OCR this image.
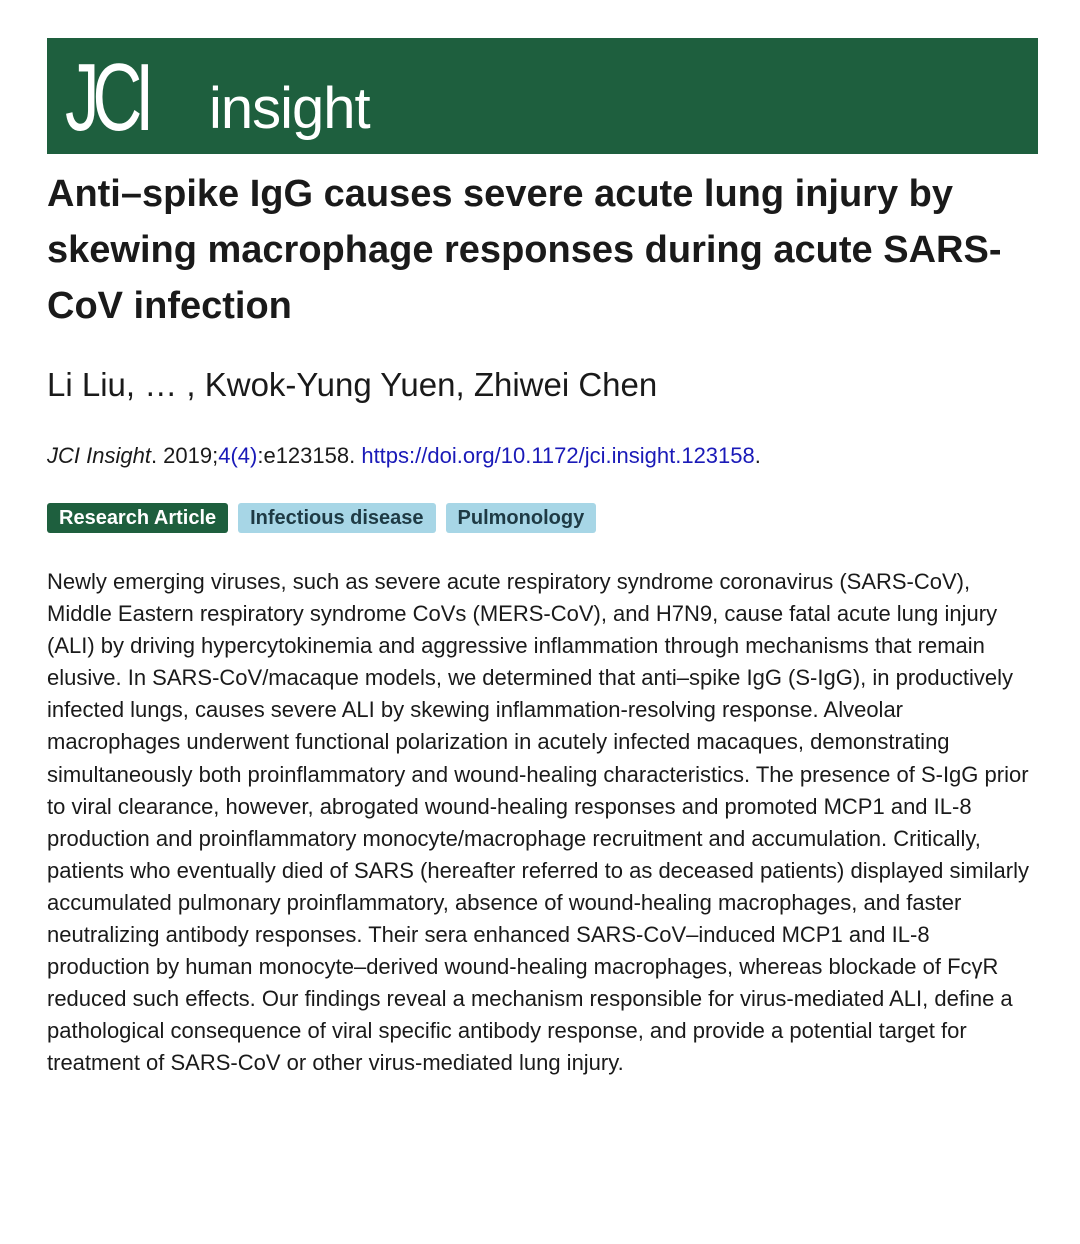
JCI insight
Anti–spike IgG causes severe acute lung injury by skewing macrophage responses during acute SARS-CoV infection
Li Liu, … , Kwok-Yung Yuen, Zhiwei Chen
JCI Insight. 2019;4(4):e123158. https://doi.org/10.1172/jci.insight.123158.
Research Article	Infectious disease	Pulmonology

Newly emerging viruses, such as severe acute respiratory syndrome coronavirus (SARS-CoV), Middle Eastern respiratory syndrome CoVs (MERS-CoV), and H7N9, cause fatal acute lung injury (ALI) by driving hypercytokinemia and aggressive inflammation through mechanisms that remain elusive. In SARS-CoV/macaque models, we determined that anti–spike IgG (S-IgG), in productively infected lungs, causes severe ALI by skewing inflammation-resolving response. Alveolar macrophages underwent functional polarization in acutely infected macaques, demonstrating simultaneously both proinflammatory and wound-healing characteristics. The presence of S-IgG prior to viral clearance, however, abrogated wound-healing responses and promoted MCP1 and IL-8 production and proinflammatory monocyte/macrophage recruitment and accumulation. Critically, patients who eventually died of SARS (hereafter referred to as deceased patients) displayed similarly accumulated pulmonary proinflammatory, absence of wound-healing macrophages, and faster neutralizing antibody responses. Their sera enhanced SARS-CoV–induced MCP1 and IL-8 production by human monocyte–derived wound-healing macrophages, whereas blockade of FcγR reduced such effects. Our findings reveal a mechanism responsible for virus-mediated ALI, define a pathological consequence of viral specific antibody response, and provide a potential target for treatment of SARS-CoV or other virus-mediated lung injury.
